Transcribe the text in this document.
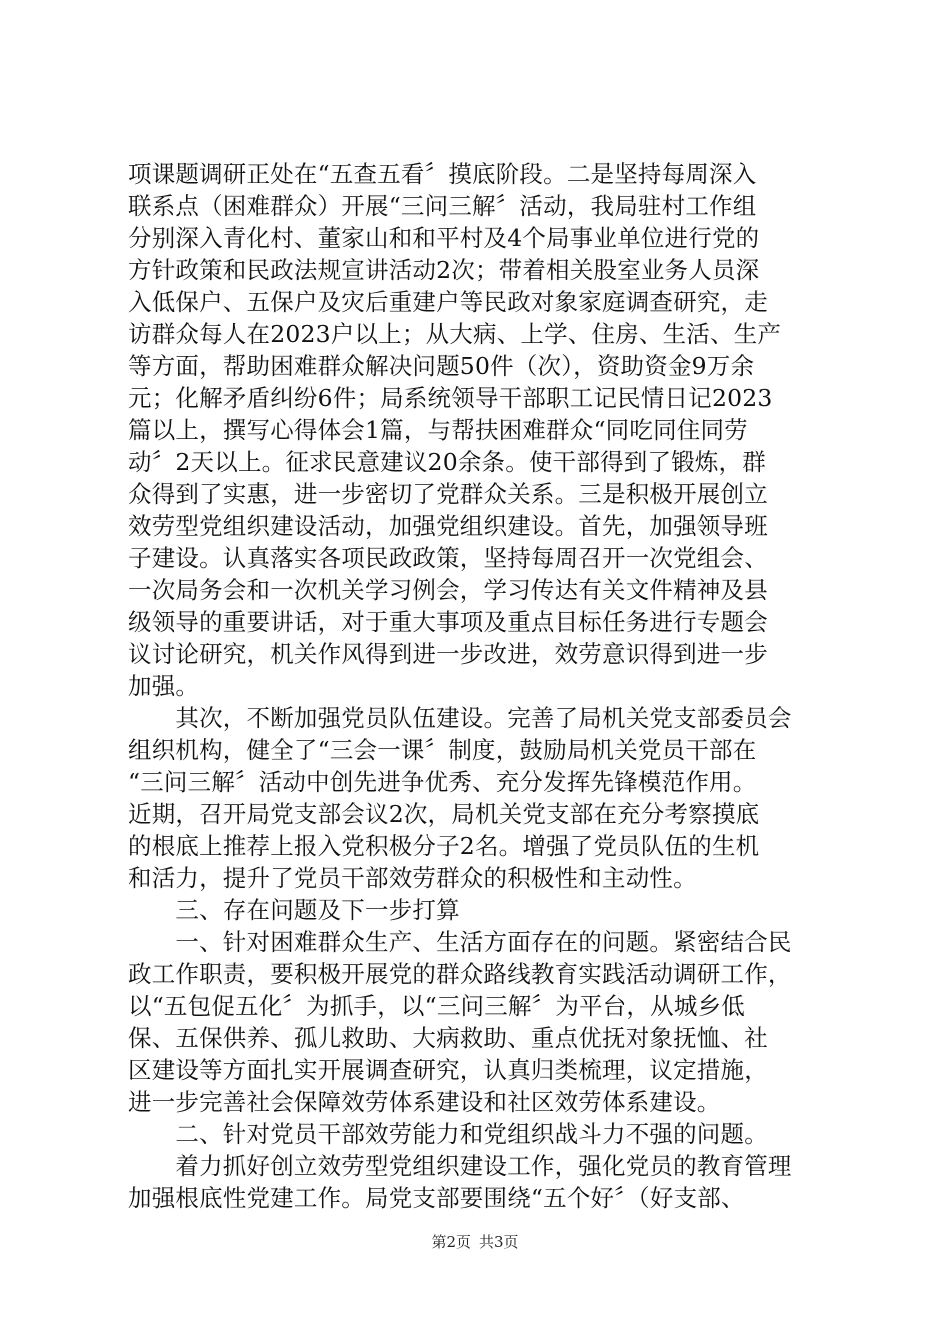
项课题调研正处在“五查五看〞摸底阶段。二是坚持每周深入
联系点（困难群众）开展“三问三解〞活动，我局驻村工作组
分别深入青化村、董家山和和平村及4个局事业单位进行党的
方针政策和民政法规宣讲活动2次；带着相关股室业务人员深
入低保户、五保户及灾后重建户等民政对象家庭调查研究，走
访群众每人在2023户以上；从大病、上学、住房、生活、生产
等方面，帮助困难群众解决问题50件（次），资助资金9万余
元；化解矛盾纠纷6件；局系统领导干部职工记民情日记2023
篇以上，撰写心得体会1篇，与帮扶困难群众“同吃同住同劳
动〞2天以上。征求民意建议20余条。使干部得到了锻炼，群
众得到了实惠，进一步密切了党群众关系。三是积极开展创立
效劳型党组织建设活动，加强党组织建设。首先，加强领导班
子建设。认真落实各项民政政策，坚持每周召开一次党组会、
一次局务会和一次机关学习例会，学习传达有关文件精神及县
级领导的重要讲话，对于重大事项及重点目标任务进行专题会
议讨论研究，机关作风得到进一步改进，效劳意识得到进一步
加强。
　　其次，不断加强党员队伍建设。完善了局机关党支部委员会
组织机构，健全了“三会一课〞制度，鼓励局机关党员干部在
“三问三解〞活动中创先进争优秀、充分发挥先锋模范作用。
近期，召开局党支部会议2次，局机关党支部在充分考察摸底
的根底上推荐上报入党积极分子2名。增强了党员队伍的生机
和活力，提升了党员干部效劳群众的积极性和主动性。
　　三、存在问题及下一步打算
　　一、针对困难群众生产、生活方面存在的问题。紧密结合民
政工作职责，要积极开展党的群众路线教育实践活动调研工作，
以“五包促五化〞为抓手，以“三问三解〞为平台，从城乡低
保、五保供养、孤儿救助、大病救助、重点优抚对象抚恤、社
区建设等方面扎实开展调查研究，认真归类梳理，议定措施，
进一步完善社会保障效劳体系建设和社区效劳体系建设。
　　二、针对党员干部效劳能力和党组织战斗力不强的问题。
　　着力抓好创立效劳型党组织建设工作，强化党员的教育管理
加强根底性党建工作。局党支部要围绕“五个好〞（好支部、
第2页 共3页
